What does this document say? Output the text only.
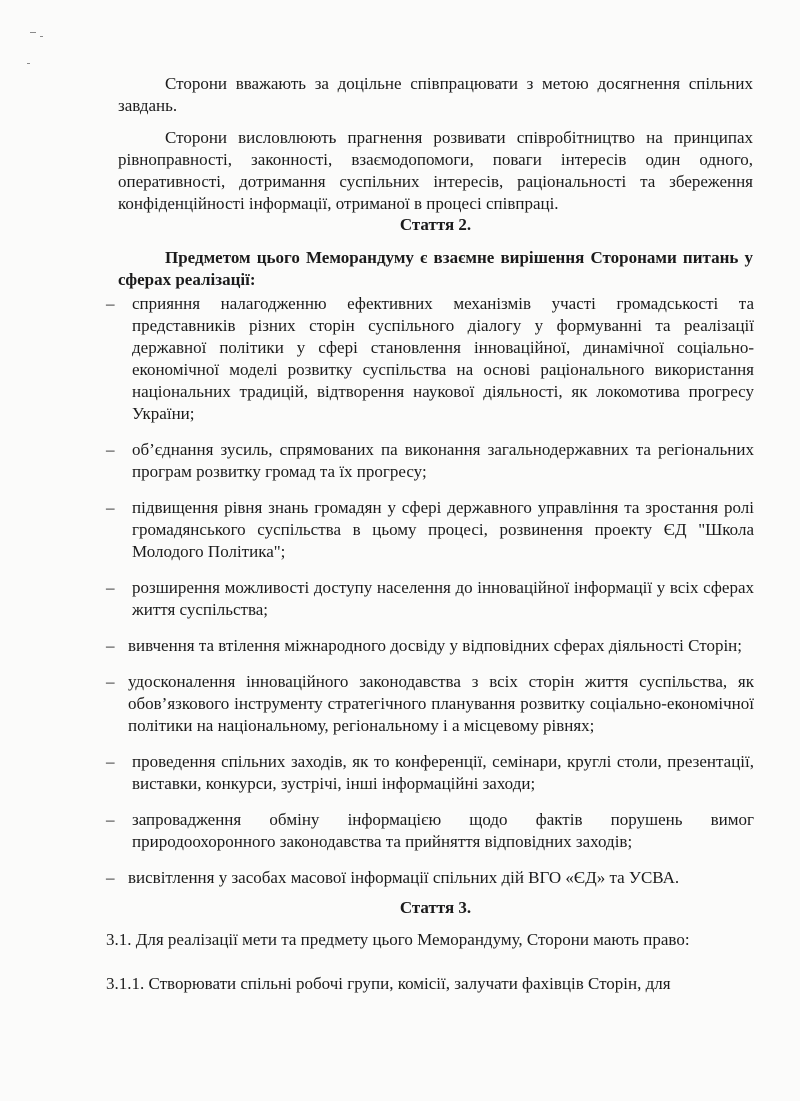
Сторони вважають за доцільне співпрацювати з метою досягнення спільних завдань.

Сторони висловлюють прагнення розвивати співробітництво на принципах рівноправності, законності, взаємодопомоги, поваги інтересів один одного, оперативності, дотримання суспільних інтересів, раціональності та збереження конфіденційності інформації, отриманої в процесі співпраці.

Стаття 2.

Предметом цього Меморандуму є взаємне вирішення Сторонами питань у сферах реалізації:

–	сприяння налагодженню ефективних механізмів участі громадськості та представників різних сторін суспільного діалогу у формуванні та реалізації державної політики у сфері становлення інноваційної, динамічної соціально-економічної моделі розвитку суспільства на основі раціонального використання національних традицій, відтворення наукової діяльності, як локомотива прогресу України;
–	об’єднання зусиль, спрямованих па виконання загальнодержавних та регіональних програм розвитку громад та їх прогресу;
–	підвищення рівня знань громадян у сфері державного управління та зростання ролі громадянського суспільства в цьому процесі, розвинення проекту ЄД "Школа Молодого Політика";
–	розширення можливості доступу населення до інноваційної інформації у всіх сферах життя суспільства;
– вивчення та втілення міжнародного досвіду у відповідних сферах діяльності Сторін;
– удосконалення інноваційного законодавства з всіх сторін життя суспільства, як обов’язкового інструменту стратегічного планування розвитку соціально-економічної політики на національному, регіональному і а місцевому рівнях;
–	проведення спільних заходів, як то конференції, семінари, круглі столи, презентації, виставки, конкурси, зустрічі, інші інформаційні заходи;
–	запровадження обміну інформацією щодо фактів порушень вимог природоохоронного законодавства та прийняття відповідних заходів;
– висвітлення у засобах масової інформації спільних дій ВГО «ЄД» та УСВА.

Стаття 3.

3.1. Для реалізації мети та предмету цього Меморандуму, Сторони мають право:

3.1.1. Створювати спільні робочі групи, комісії, залучати фахівців Сторін, для
